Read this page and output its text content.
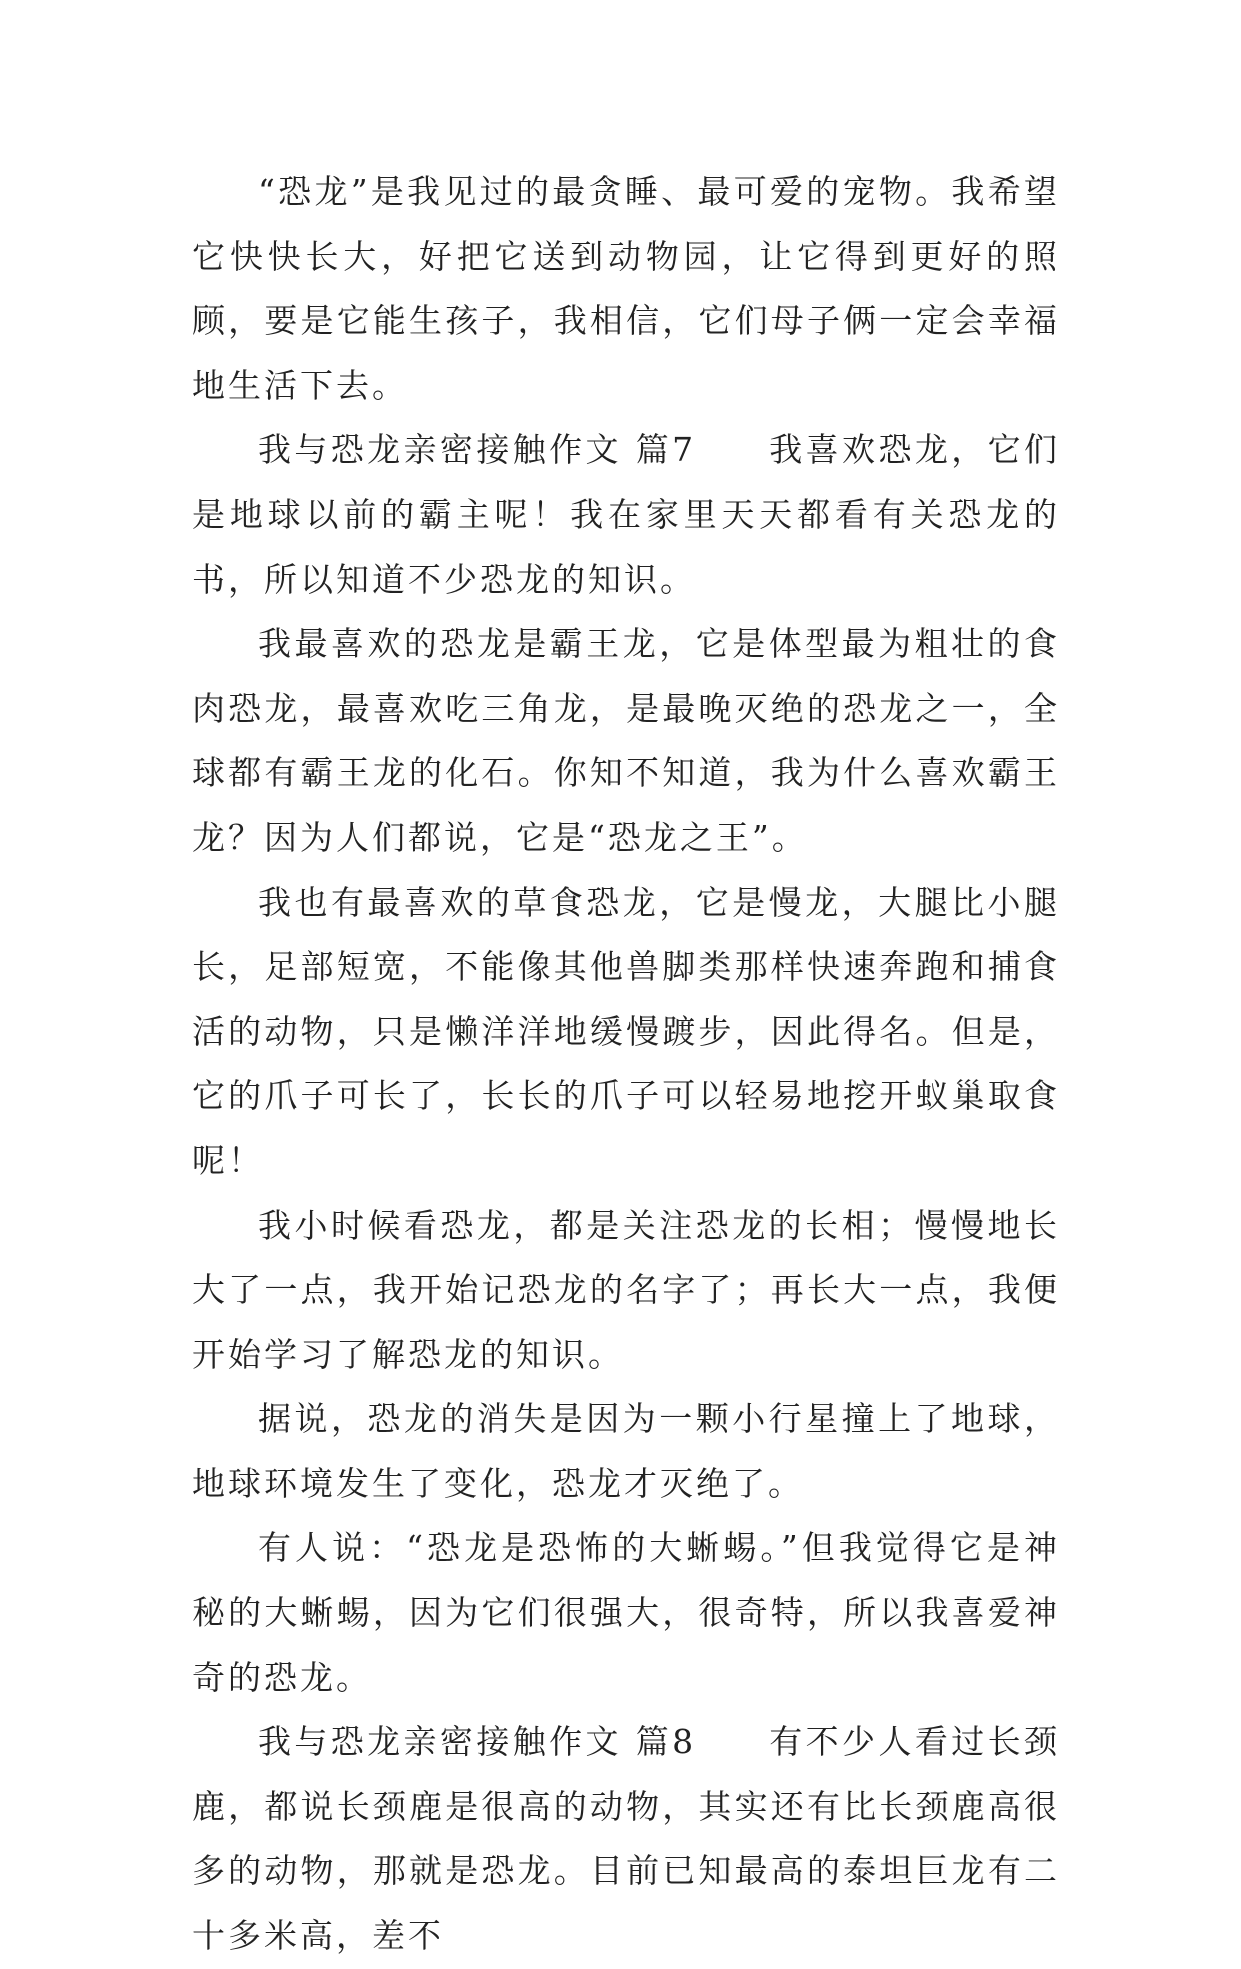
“恐龙”是我见过的最贪睡、最可爱的宠物。我希望它快快长大，好把它送到动物园，让它得到更好的照顾，要是它能生孩子，我相信，它们母子俩一定会幸福地生活下去。

我与恐龙亲密接触作文 篇7　　我喜欢恐龙，它们是地球以前的霸主呢！我在家里天天都看有关恐龙的书，所以知道不少恐龙的知识。

我最喜欢的恐龙是霸王龙，它是体型最为粗壮的食肉恐龙，最喜欢吃三角龙，是最晚灭绝的恐龙之一，全球都有霸王龙的化石。你知不知道，我为什么喜欢霸王龙？因为人们都说，它是“恐龙之王”。

我也有最喜欢的草食恐龙，它是慢龙，大腿比小腿长，足部短宽，不能像其他兽脚类那样快速奔跑和捕食活的动物，只是懒洋洋地缓慢踱步，因此得名。但是，它的爪子可长了，长长的爪子可以轻易地挖开蚁巢取食呢！

我小时候看恐龙，都是关注恐龙的长相；慢慢地长大了一点，我开始记恐龙的名字了；再长大一点，我便开始学习了解恐龙的知识。

据说，恐龙的消失是因为一颗小行星撞上了地球，地球环境发生了变化，恐龙才灭绝了。

有人说：“恐龙是恐怖的大蜥蜴。”但我觉得它是神秘的大蜥蜴，因为它们很强大，很奇特，所以我喜爱神奇的恐龙。

我与恐龙亲密接触作文 篇8　　有不少人看过长颈鹿，都说长颈鹿是很高的动物，其实还有比长颈鹿高很多的动物，那就是恐龙。目前已知最高的泰坦巨龙有二十多米高，差不
